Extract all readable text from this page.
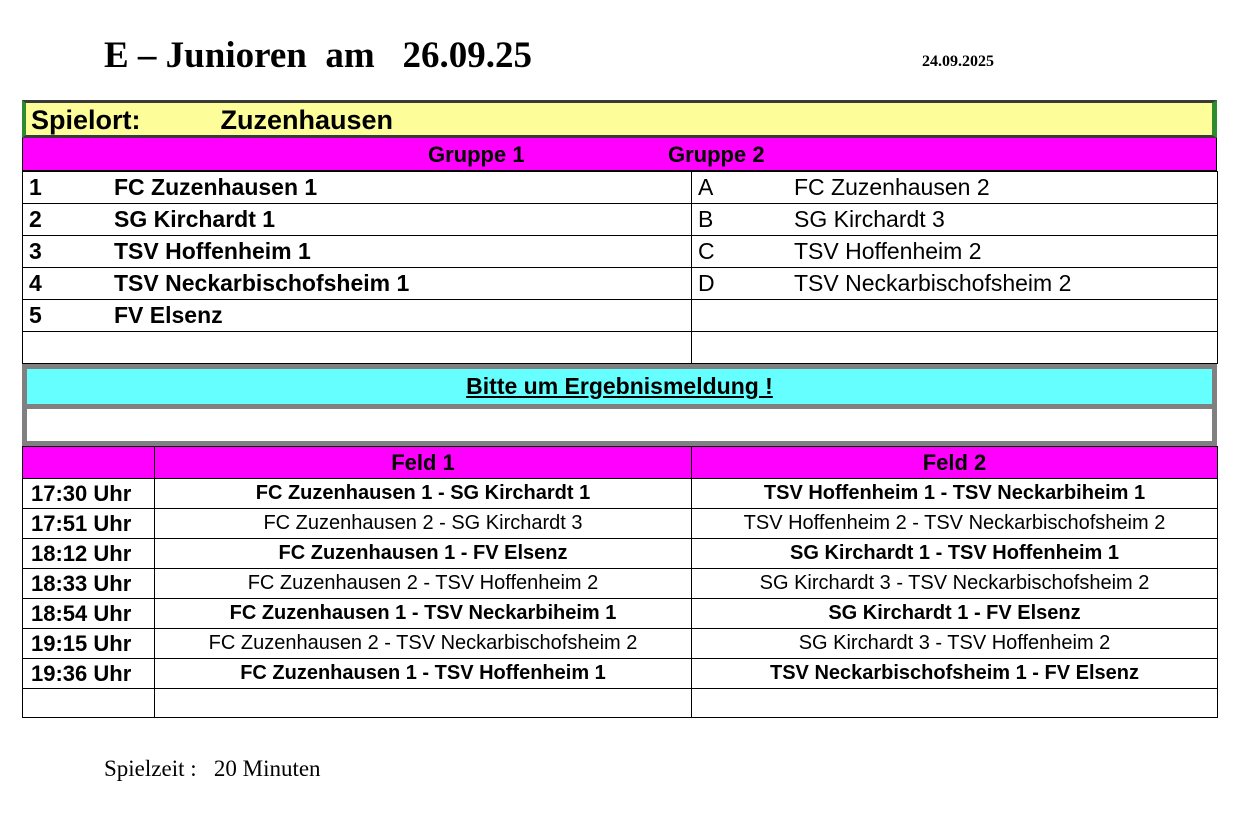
E – Junioren  am   26.09.25	24.09.2025
Spielort:	Zuzenhausen
Gruppe 1	Gruppe 2
1 FC Zuzenhausen 1	A FC Zuzenhausen 2
2 SG Kirchardt 1	B SG Kirchardt 3
3 TSV Hoffenheim 1	C TSV Hoffenheim 2
4 TSV Neckarbischofsheim 1	D TSV Neckarbischofsheim 2
5 FV Elsenz	

Bitte um Ergebnismeldung !
	Feld 1	Feld 2
17:30 Uhr	FC Zuzenhausen 1 - SG Kirchardt 1	TSV Hoffenheim 1 - TSV Neckarbiheim 1
17:51 Uhr	FC Zuzenhausen 2 - SG Kirchardt 3	TSV Hoffenheim 2 - TSV Neckarbischofsheim 2
18:12 Uhr	FC Zuzenhausen 1 - FV Elsenz	SG Kirchardt 1 - TSV Hoffenheim 1
18:33 Uhr	FC Zuzenhausen 2 - TSV Hoffenheim 2	SG Kirchardt 3 - TSV Neckarbischofsheim 2
18:54 Uhr	FC Zuzenhausen 1 - TSV Neckarbiheim 1	SG Kirchardt 1 - FV Elsenz
19:15 Uhr	FC Zuzenhausen 2 - TSV Neckarbischofsheim 2	SG Kirchardt 3 - TSV Hoffenheim 2
19:36 Uhr	FC Zuzenhausen 1 - TSV Hoffenheim 1	TSV Neckarbischofsheim 1 - FV Elsenz

Spielzeit :   20 Minuten
